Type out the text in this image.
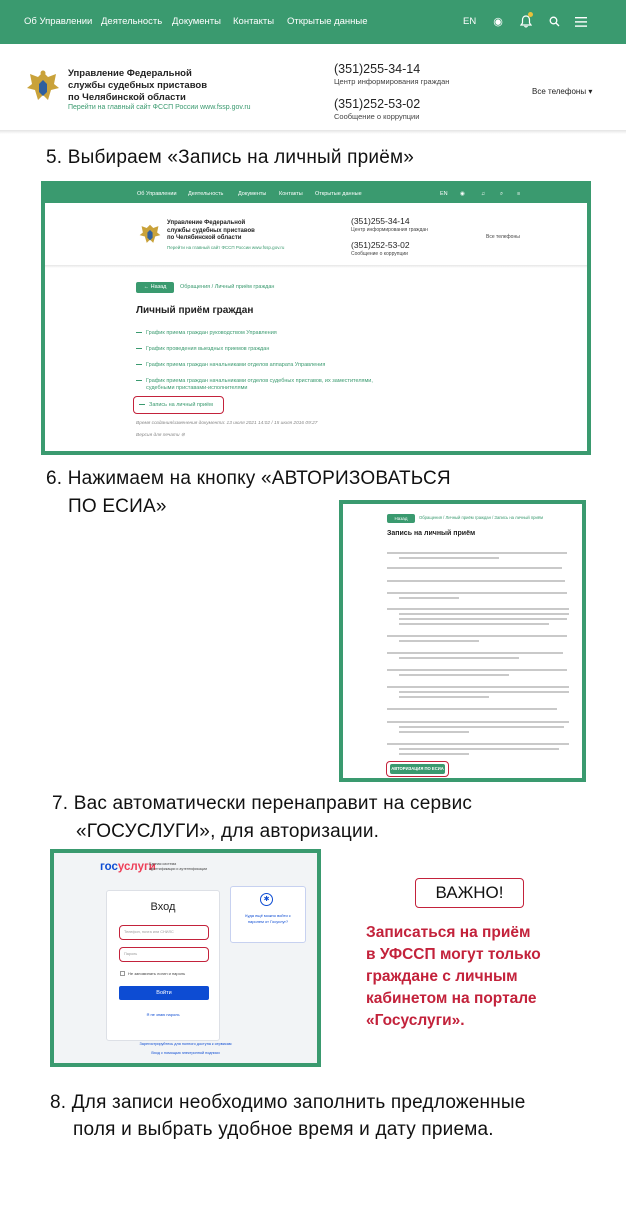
Об Управлении Деятельность Документы Контакты Открытые данные	EN	◉
Управление Федеральной
службы судебных приставов
по Челябинской области
Перейти на главный сайт ФССП России www.fssp.gov.ru
(351)255-34-14
Центр информирования граждан
(351)252-53-02
Сообщение о коррупции
Все телефоны ▾
5. Выбираем «Запись на личный приём»
Об Управлении Деятельность	Документы Контакты Открытые данные	EN ◉	♫	⌕	≡
Управление Федеральной
службы судебных приставов
по Челябинской области
Перейти на главный сайт ФССП России www.fssp.gov.ru
(351)255-34-14
Центр информирования граждан
(351)252-53-02
Сообщение о коррупции
Все телефоны
← Назад	Обращения / Личный приём граждан
Личный приём граждан
График приема граждан руководством Управления
График проведения выездных приемов граждан
График приема граждан начальниками отделов аппарата Управления
График приема граждан начальниками отделов судебных приставов, их заместителями,
судебными приставами-исполнителями
Запись на личный приём
Время создания/изменения документа: 13 июля 2021 14:02 / 15 июля 2016 09:27
Версия для печати ⊜
6. Нажимаем на кнопку «АВТОРИЗОВАТЬСЯ
ПО ЕСИА»
Назад	Обращения / Личный приём граждан / Запись на личный приём
Запись на личный приём
АВТОРИЗАЦИЯ ПО ЕСИА
7. Вас автоматически перенаправит на сервис
«ГОСУСЛУГИ», для авторизации.
госуслуги
Единая система
идентификации и аутентификации
Вход
Телефон, почта или СНИЛС
Пароль
Не запоминать логин и пароль
Войти
Я не знаю пароль
✱
Куда ещё можно войти с
паролем от Госуслуг?
Зарегистрируйтесь для полного доступа к сервисам
Вход с помощью электронной подписи
ВАЖНО!
Записаться на приём
в УФССП могут только
граждане с личным
кабинетом на портале
«Госуслуги».
8. Для записи необходимо заполнить предложенные
поля и выбрать удобное время и дату приема.
